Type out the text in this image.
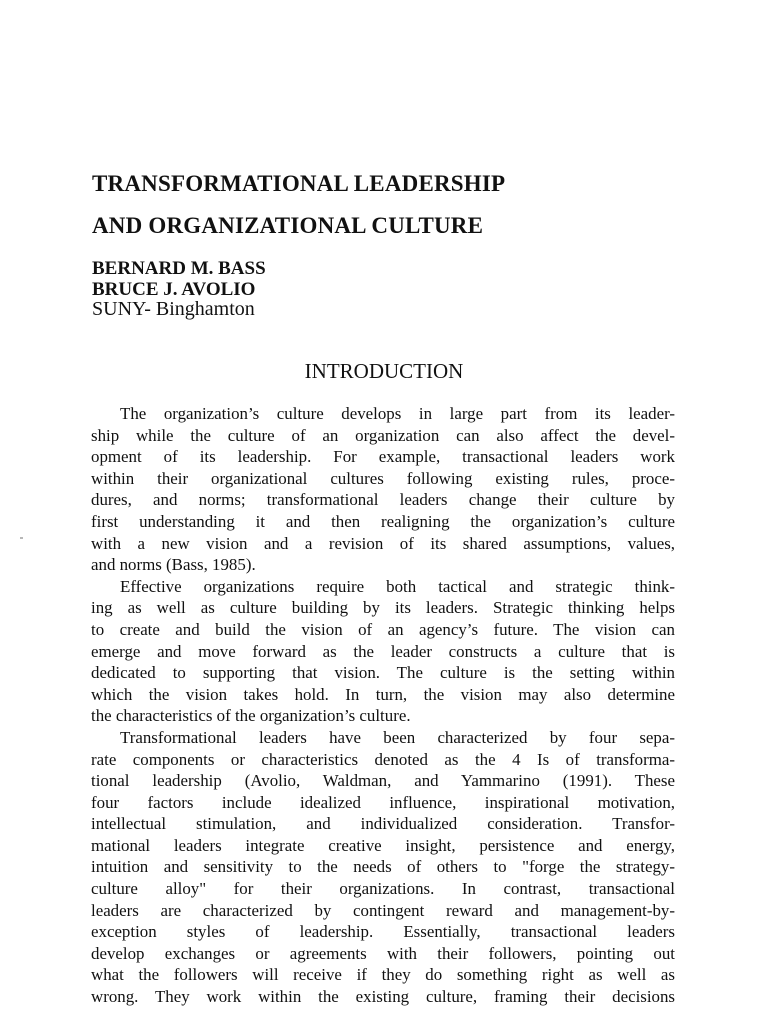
TRANSFORMATIONAL LEADERSHIP
AND ORGANIZATIONAL CULTURE

BERNARD M. BASS

BRUCE J. AVOLIO

SUNY- Binghamton

INTRODUCTION
The organization’s culture develops in large part from its leader-
ship while the culture of an organization can also affect the devel-
opment of its leadership. For example, transactional leaders work
within their organizational cultures following existing rules, proce-
dures, and norms; transformational leaders change their culture by
first understanding it and then realigning the organization’s culture
with a new vision and a revision of its shared assumptions, values,
and norms (Bass, 1985).
Effective organizations require both tactical and strategic think-
ing as well as culture building by its leaders. Strategic thinking helps
to create and build the vision of an agency’s future. The vision can
emerge and move forward as the leader constructs a culture that is
dedicated to supporting that vision. The culture is the setting within
which the vision takes hold. In turn, the vision may also determine
the characteristics of the organization’s culture.
Transformational leaders have been characterized by four sepa-
rate components or characteristics denoted as the 4 Is of transforma-
tional leadership (Avolio, Waldman, and Yammarino (1991). These
four factors include idealized influence, inspirational motivation,
intellectual stimulation, and individualized consideration. Transfor-
mational leaders integrate creative insight, persistence and energy,
intuition and sensitivity to the needs of others to "forge the strategy-
culture alloy" for their organizations. In contrast, transactional
leaders are characterized by contingent reward and management-by-
exception styles of leadership. Essentially, transactional leaders
develop exchanges or agreements with their followers, pointing out
what the followers will receive if they do something right as well as
wrong. They work within the existing culture, framing their decisions
